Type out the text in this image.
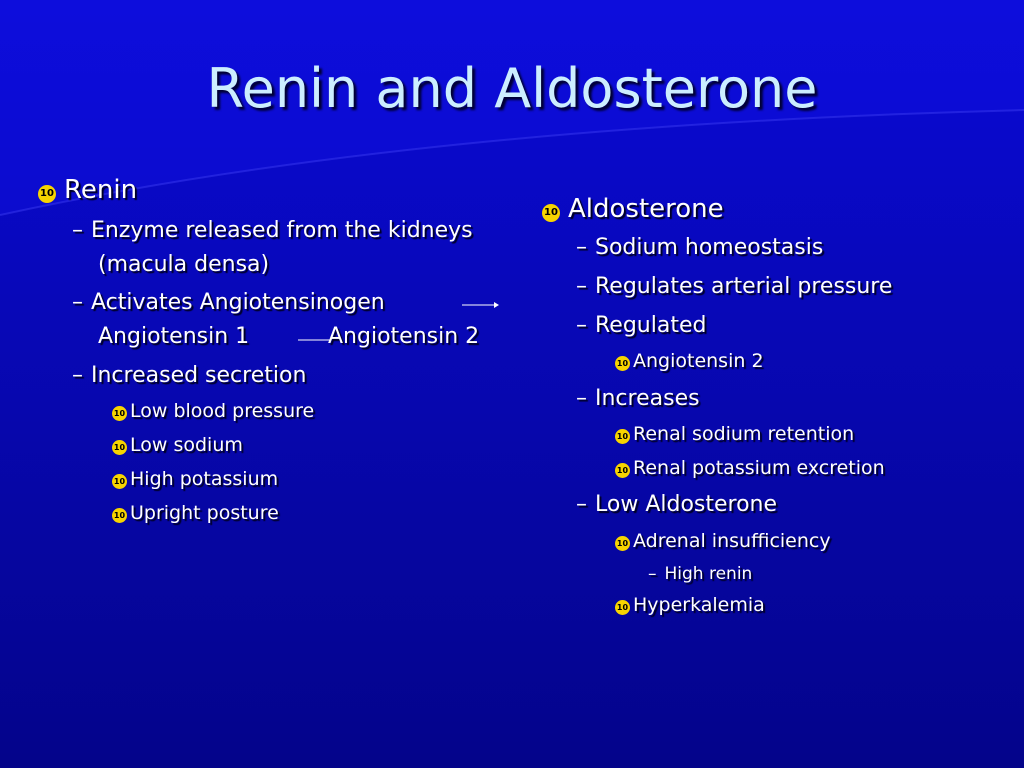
Renin and Aldosterone
10 Renin
– Enzyme released from the kidneys
(macula densa)
– Activates Angiotensinogen
Angiotensin 1	Angiotensin 2
– Increased secretion
10 Low blood pressure
10 Low sodium
10 High potassium
10 Upright posture
10 Aldosterone
– Sodium homeostasis
– Regulates arterial pressure
– Regulated
10 Angiotensin 2
– Increases
10 Renal sodium retention
10 Renal potassium excretion
– Low Aldosterone
10 Adrenal insufficiency
– High renin
10 Hyperkalemia
